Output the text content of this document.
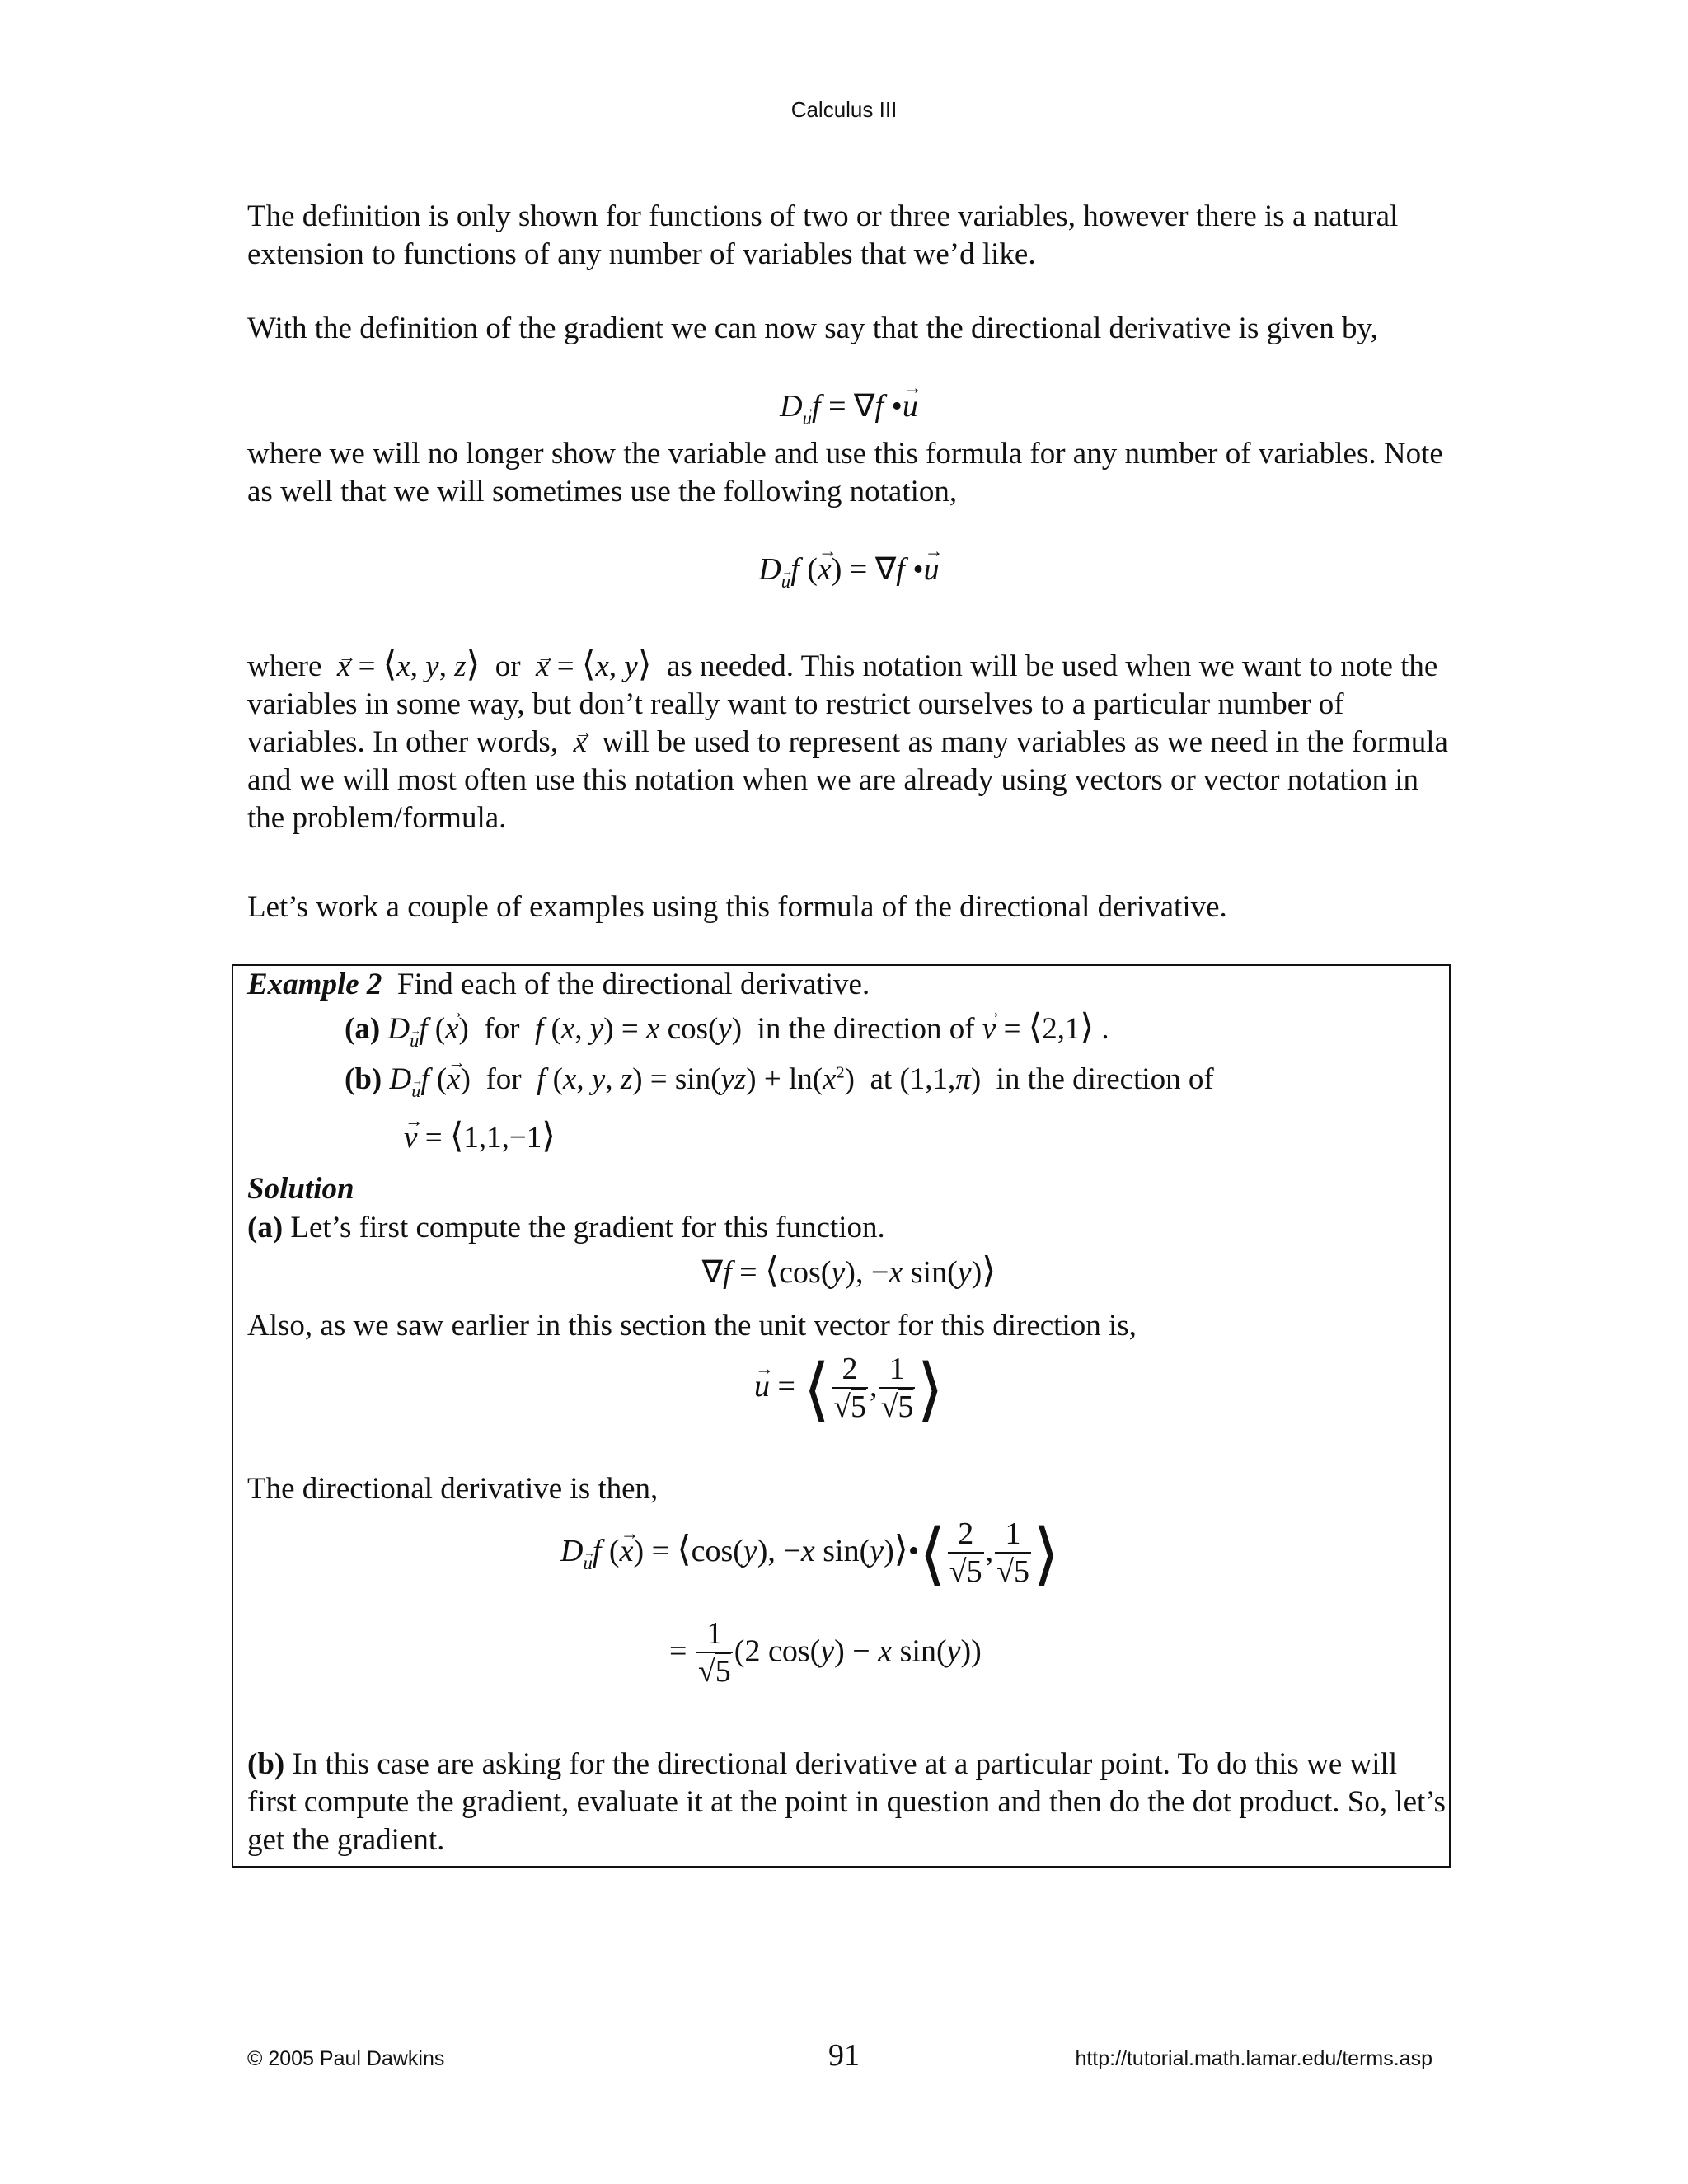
Calculus III
The definition is only shown for functions of two or three variables, however there is a natural extension to functions of any number of variables that we’d like.
With the definition of the gradient we can now say that the directional derivative is given by,
D→ $_u$f = ∇f •→ u
where we will no longer show the variable and use this formula for any number of variables. Note as well that we will sometimes use the following notation,
D→ $_u$f (→ x) = ∇f •→ u
where → x = ⟨x, y, z⟩ or → x = ⟨x, y⟩ as needed. This notation will be used when we want to note the variables in some way, but don’t really want to restrict ourselves to a particular number of variables. In other words, → x will be used to represent as many variables as we need in the formula and we will most often use this notation when we are already using vectors or vector notation in the problem/formula.
Let’s work a couple of examples using this formula of the directional derivative.
Example 2 Find each of the directional derivative.
(a) D→ $_u$f (→ x)  for f (x, y) = x cos(y)  in the direction of → v = ⟨2,1⟩ .
(b) D→ $_u$f (→ x)  for f (x, y, $z) = \sin(yz) + \ln(x^2)$  at (1,1,π)  in the direction of
→ v = ⟨1,1,−1⟩
Solution
(a) Let’s first compute the gradient for this function.
∇f = ⟨cos(y), −x sin(y)⟩
Also, as we saw earlier in this section the unit vector for this direction is,
→ u = ⟨ $\frac{2}{√5}$ , $\frac{1}{√5}$ ⟩
The directional derivative is then,
D→ $_u$f (→ x) = ⟨cos(y), −x sin(y)⟩•⟨ $\frac{2}{√5}$ , $\frac{1}{√5}$ ⟩
= $\frac{1}{√5} (2$ cos(y) − x sin(y))
(b) In this case are asking for the directional derivative at a particular point. To do this we will first compute the gradient, evaluate it at the point in question and then do the dot product. So, let’s get the gradient.
© 2005 Paul Dawkins	91	http://tutorial.math.lamar.edu/terms.asp
